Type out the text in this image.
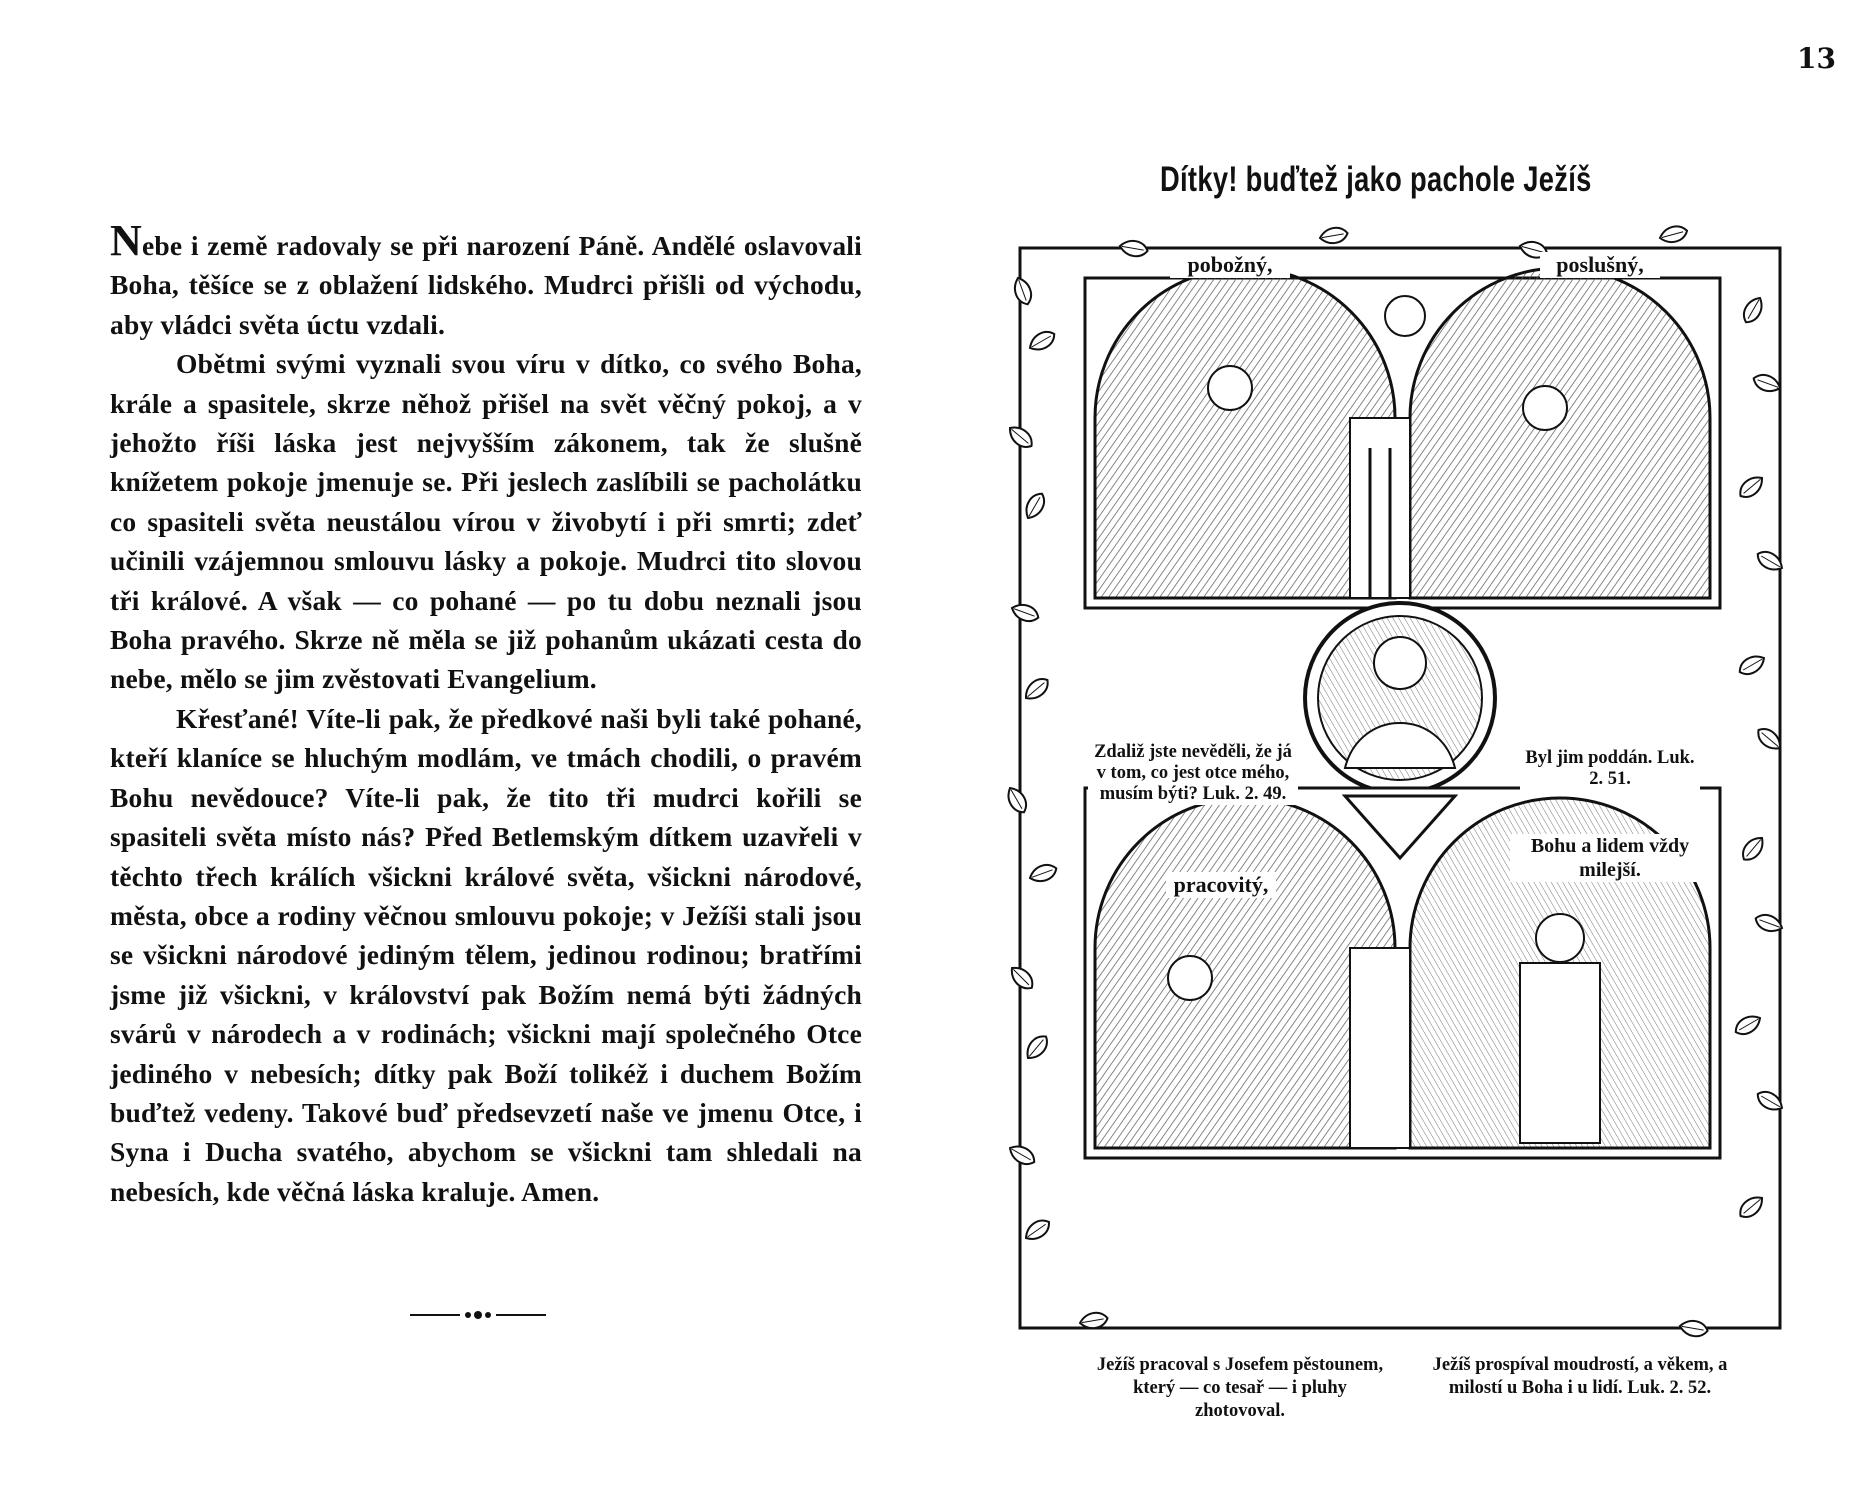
13

Nebe i země radovaly se při narození Páně. Andělé oslavovali Boha, těšíce se z oblažení lidského. Mudrci přišli od východu, aby vládci světa úctu vzdali.

Obětmi svými vyznali svou víru v dítko, co svého Boha, krále a spasitele, skrze něhož přišel na svět věčný pokoj, a v jehožto říši láska jest nejvyšším zákonem, tak že slušně knížetem pokoje jmenuje se. Při jeslech zaslíbili se pacholátku co spasiteli světa neustálou vírou v živobytí i při smrti; zdeť učinili vzájemnou smlouvu lásky a pokoje. Mudrci tito slovou tři králové. A však — co pohané — po tu dobu neznali jsou Boha pravého. Skrze ně měla se již pohanům ukázati cesta do nebe, mělo se jim zvěstovati Evangelium.

Křesťané! Víte-li pak, že předkové naši byli také pohané, kteří klaníce se hluchým modlám, ve tmách chodili, o pravém Bohu nevědouce? Víte-li pak, že tito tři mudrci kořili se spasiteli světa místo nás? Před Betlemským dítkem uzavřeli v těchto třech králích všickni králové světa, všickni národové, města, obce a rodiny věčnou smlouvu pokoje; v Ježíši stali jsou se všickni národové jediným tělem, jedinou rodinou; bratřími jsme již všickni, v království pak Božím nemá býti žádných svárů v národech a v rodinách; všickni mají společného Otce jediného v nebesích; dítky pak Boží tolikéž i duchem Božím buďtež vedeny. Takové buď předsevzetí naše ve jmenu Otce, i Syna i Ducha svatého, abychom se všickni tam shledali na nebesích, kde věčná láska kraluje. Amen.

Dítky! buďtež jako pachole Ježíš
pobožný,	poslušný,
Zdaliž jste nevěděli, že já v tom, co jest otce mého, musím býti? Luk. 2. 49.
pracovitý,
Byl jim poddán. Luk. 2. 51.
Bohu a lidem vždy milejší.
Ježíš pracoval s Josefem pěstounem, který — co tesař — i pluhy zhotovoval.
Ježíš prospíval moudrostí, a věkem, a milostí u Boha i u lidí. Luk. 2. 52.
